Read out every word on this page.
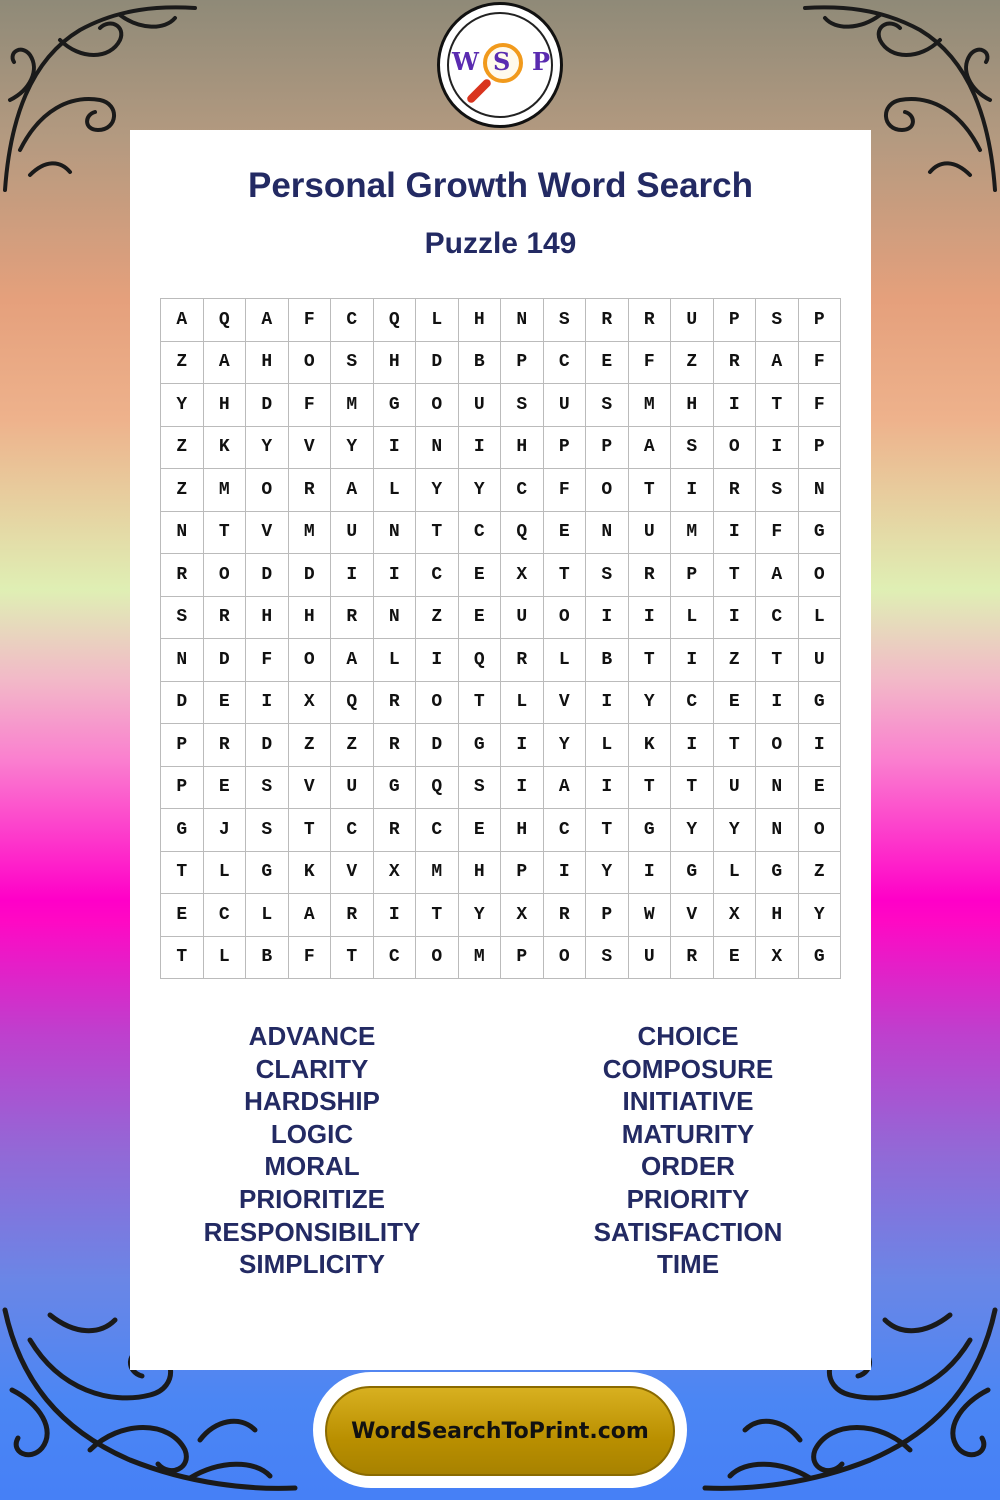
W S P
Personal Growth Word Search
Puzzle 149
A	Q	A	F	C	Q	L	H	N	S	R	R	U	P	S	P
Z	A	H	O	S	H	D	B	P	C	E	F	Z	R	A	F
Y	H	D	F	M	G	O	U	S	U	S	M	H	I	T	F
Z	K	Y	V	Y	I	N	I	H	P	P	A	S	O	I	P
Z	M	O	R	A	L	Y	Y	C	F	O	T	I	R	S	N
N	T	V	M	U	N	T	C	Q	E	N	U	M	I	F	G
R	O	D	D	I	I	C	E	X	T	S	R	P	T	A	O
S	R	H	H	R	N	Z	E	U	O	I	I	L	I	C	L
N	D	F	O	A	L	I	Q	R	L	B	T	I	Z	T	U
D	E	I	X	Q	R	O	T	L	V	I	Y	C	E	I	G
P	R	D	Z	Z	R	D	G	I	Y	L	K	I	T	O	I
P	E	S	V	U	G	Q	S	I	A	I	T	T	U	N	E
G	J	S	T	C	R	C	E	H	C	T	G	Y	Y	N	O
T	L	G	K	V	X	M	H	P	I	Y	I	G	L	G	Z
E	C	L	A	R	I	T	Y	X	R	P	W	V	X	H	Y
T	L	B	F	T	C	O	M	P	O	S	U	R	E	X	G
ADVANCE
CLARITY
HARDSHIP
LOGIC
MORAL
PRIORITIZE
RESPONSIBILITY
SIMPLICITY
CHOICE
COMPOSURE
INITIATIVE
MATURITY
ORDER
PRIORITY
SATISFACTION
TIME
WordSearchToPrint.com
